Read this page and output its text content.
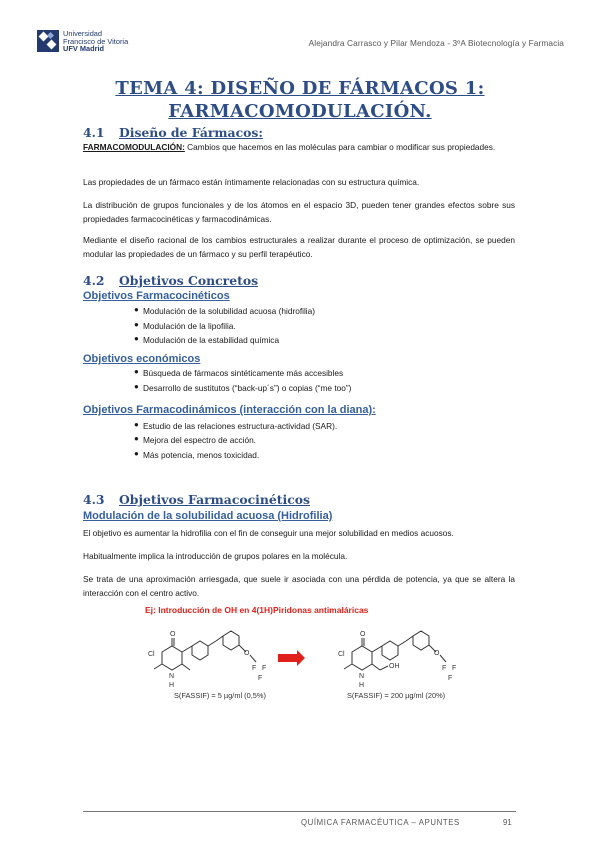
Universidad
Francisco de Vitoria
UFV Madrid
Alejandra Carrasco y Pilar Mendoza - 3ºA Biotecnología y Farmacia
TEMA 4: DISEÑO DE FÁRMACOS 1:
FARMACOMODULACIÓN.
4.1 Diseño de Fármacos:
FARMACOMODULACIÓN: Cambios que hacemos en las moléculas para cambiar o modificar sus propiedades.
Las propiedades de un fármaco están íntimamente relacionadas con su estructura química.
La distribución de grupos funcionales y de los átomos en el espacio 3D, pueden tener grandes efectos sobre sus propiedades farmacocinéticas y farmacodinámicas.
Mediante el diseño racional de los cambios estructurales a realizar durante el proceso de optimización, se pueden modular las propiedades de un fármaco y su perfil terapéutico.
4.2 Objetivos Concretos
Objetivos Farmacocinéticos
● Modulación de la solubilidad acuosa (hidrofilia)
● Modulación de la lipofilia.
● Modulación de la estabilidad química
Objetivos económicos
● Búsqueda de fármacos sintéticamente más accesibles
● Desarrollo de sustitutos (“back-up´s”) o copias (“me too”)
Objetivos Farmacodinámicos (interacción con la diana):
● Estudio de las relaciones estructura-actividad (SAR).
● Mejora del espectro de acción.
● Más potencia, menos toxicidad.
4.3 Objetivos Farmacocinéticos
Modulación de la solubilidad acuosa (Hidrofilia)
El objetivo es aumentar la hidrofilia con el fin de conseguir una mejor solubilidad en medios acuosos.
Habitualmente implica la introducción de grupos polares en la molécula.
Se trata de una aproximación arriesgada, que suele ir asociada con una pérdida de potencia, ya que se altera la interacción con el centro activo.
Ej: Introducción de OH en 4(1H)Piridonas antimaláricas
Cl
O
N
H
O
F F
F
Cl
O
N
H
OH
O
F F
F
S(FASSIF) = 5 µg/ml (0,5%)	S(FASSIF) = 200 µg/ml (20%)
QUÍMICA FARMACÉUTICA – APUNTES	91
